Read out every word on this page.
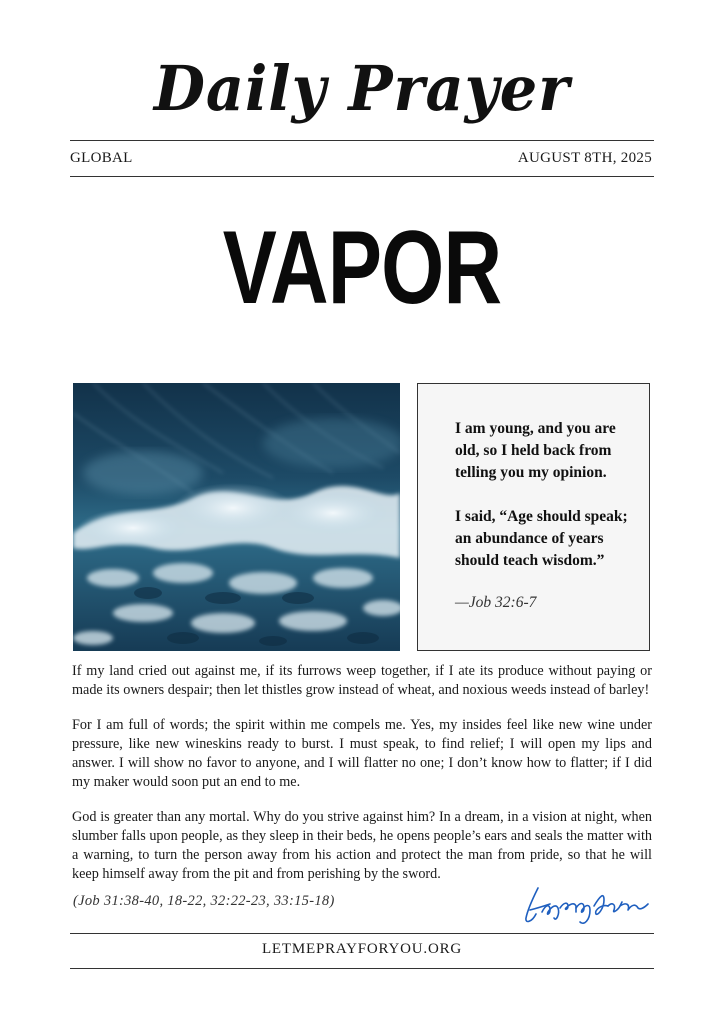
Daily Prayer
GLOBAL	AUGUST 8TH, 2025
VAPOR

I am young, and you are old, so I held back from telling you my opinion.

I said, “Age should speak; an abundance of years should teach wisdom.”

—Job 32:6-7

If my land cried out against me, if its furrows weep together, if I ate its produce without paying or made its owners despair; then let thistles grow instead of wheat, and noxious weeds instead of barley!

For I am full of words; the spirit within me compels me. Yes, my insides feel like new wine under pressure, like new wineskins ready to burst. I must speak, to find relief; I will open my lips and answer. I will show no favor to anyone, and I will flatter no one; I don’t know how to flatter; if I did my maker would soon put an end to me.

God is greater than any mortal. Why do you strive against him? In a dream, in a vision at night, when slumber falls upon people, as they sleep in their beds, he opens people’s ears and seals the matter with a warning, to turn the person away from his action and protect the man from pride, so that he will keep himself away from the pit and from perishing by the sword.

(Job 31:38-40, 18-22, 32:22-23, 33:15-18)
LETMEPRAYFORYOU.ORG
